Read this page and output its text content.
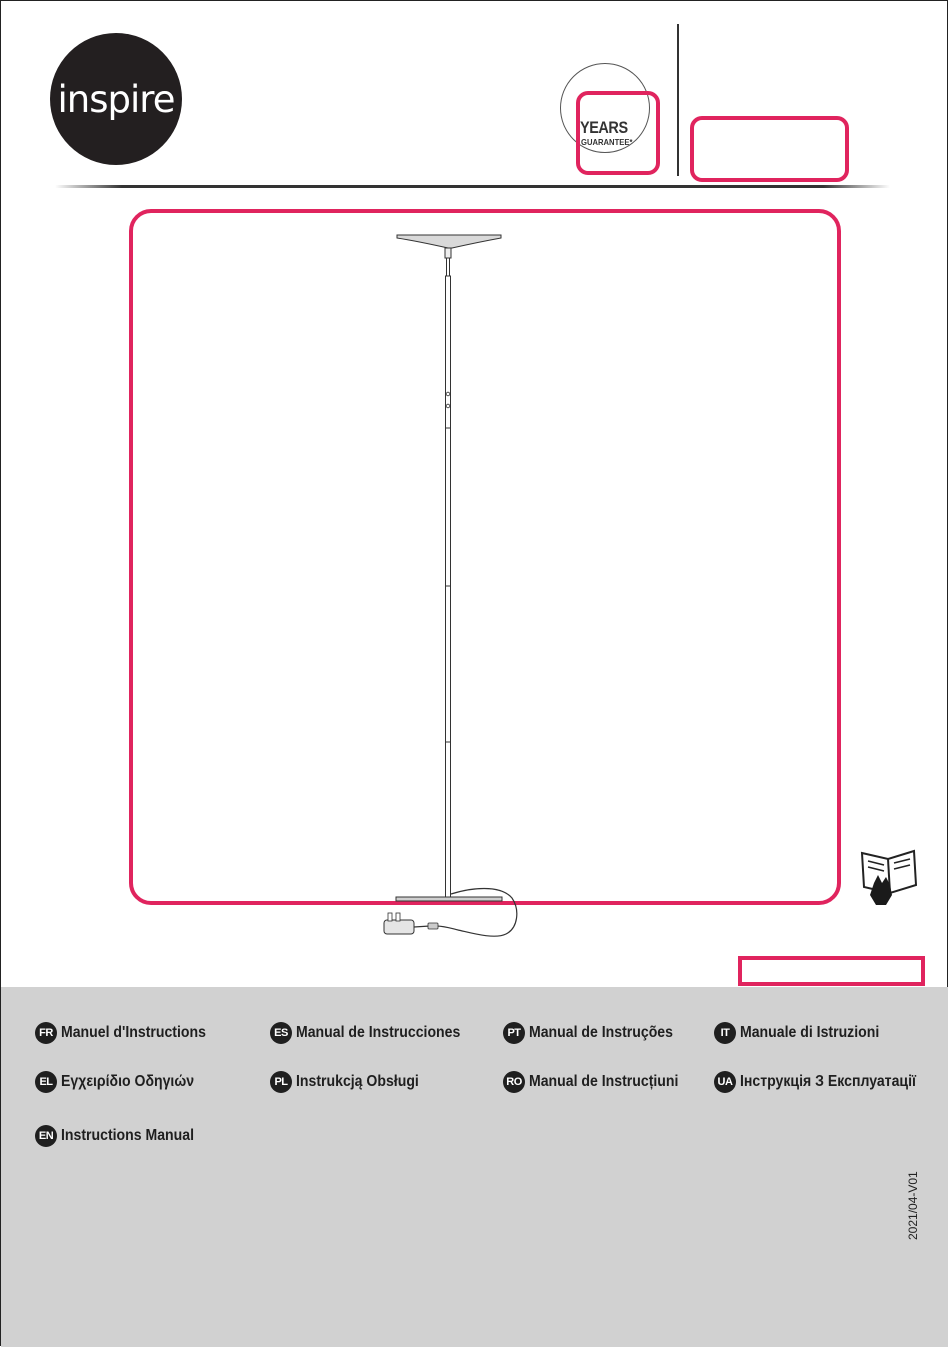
inspire
YEARS
GUARANTEE*
FR Manuel d'Instructions	ES Manual de Instrucciones	PT Manual de Instruções	IT Manuale di Istruzioni
EL Εγχειρίδιο Οδηγιών	PL Instrukcją Obsługi	RO Manual de Instrucțiuni	UA Інструкція З Експлуатації
EN Instructions Manual
